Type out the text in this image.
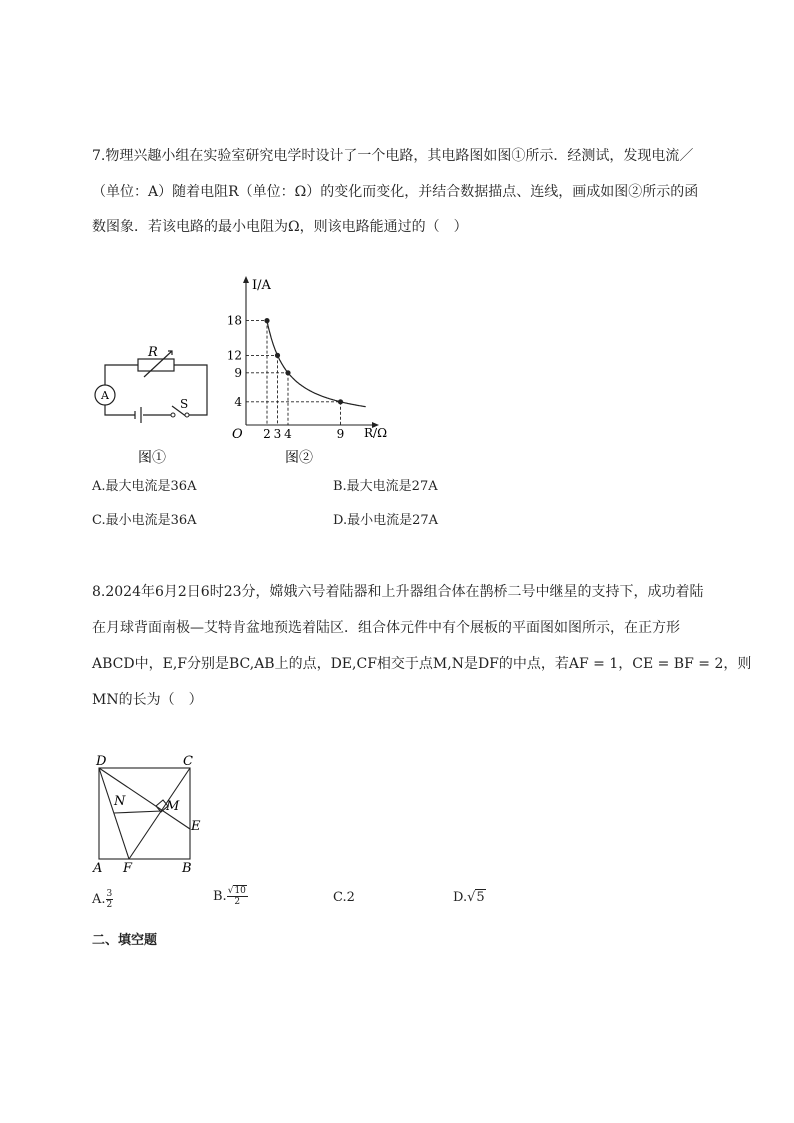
7.物理兴趣小组在实验室研究电学时设计了一个电路，其电路图如图①所示．经测试，发现电流／
（单位：A）随着电阻R（单位：Ω）的变化而变化，并结合数据描点、连线，画成如图②所示的函
数图象．若该电路的最小电阻为Ω，则该电路能通过的（　）
R
A
S
图①
18
12
9
4
2 3 4	9
I/A
R/Ω
O
图②
A.最大电流是36A	B.最大电流是27A
C.最小电流是36A	D.最小电流是27A
8.2024年6月2日6时23分，嫦娥六号着陆器和上升器组合体在鹊桥二号中继星的支持下，成功着陆
在月球背面南极—艾特肯盆地预选着陆区．组合体元件中有个展板的平面图如图所示，在正方形
ABCD中，E,F分别是BC,AB上的点，DE,CF相交于点M,N是DF的中点，若AF = 1，CE = BF = 2，则
MN的长为（　）
D	C
A	B
F
E
M
N
A. $\frac{3}{2}$	B. $\frac{√10}{2}$	C.2	D.√5
二、填空题
